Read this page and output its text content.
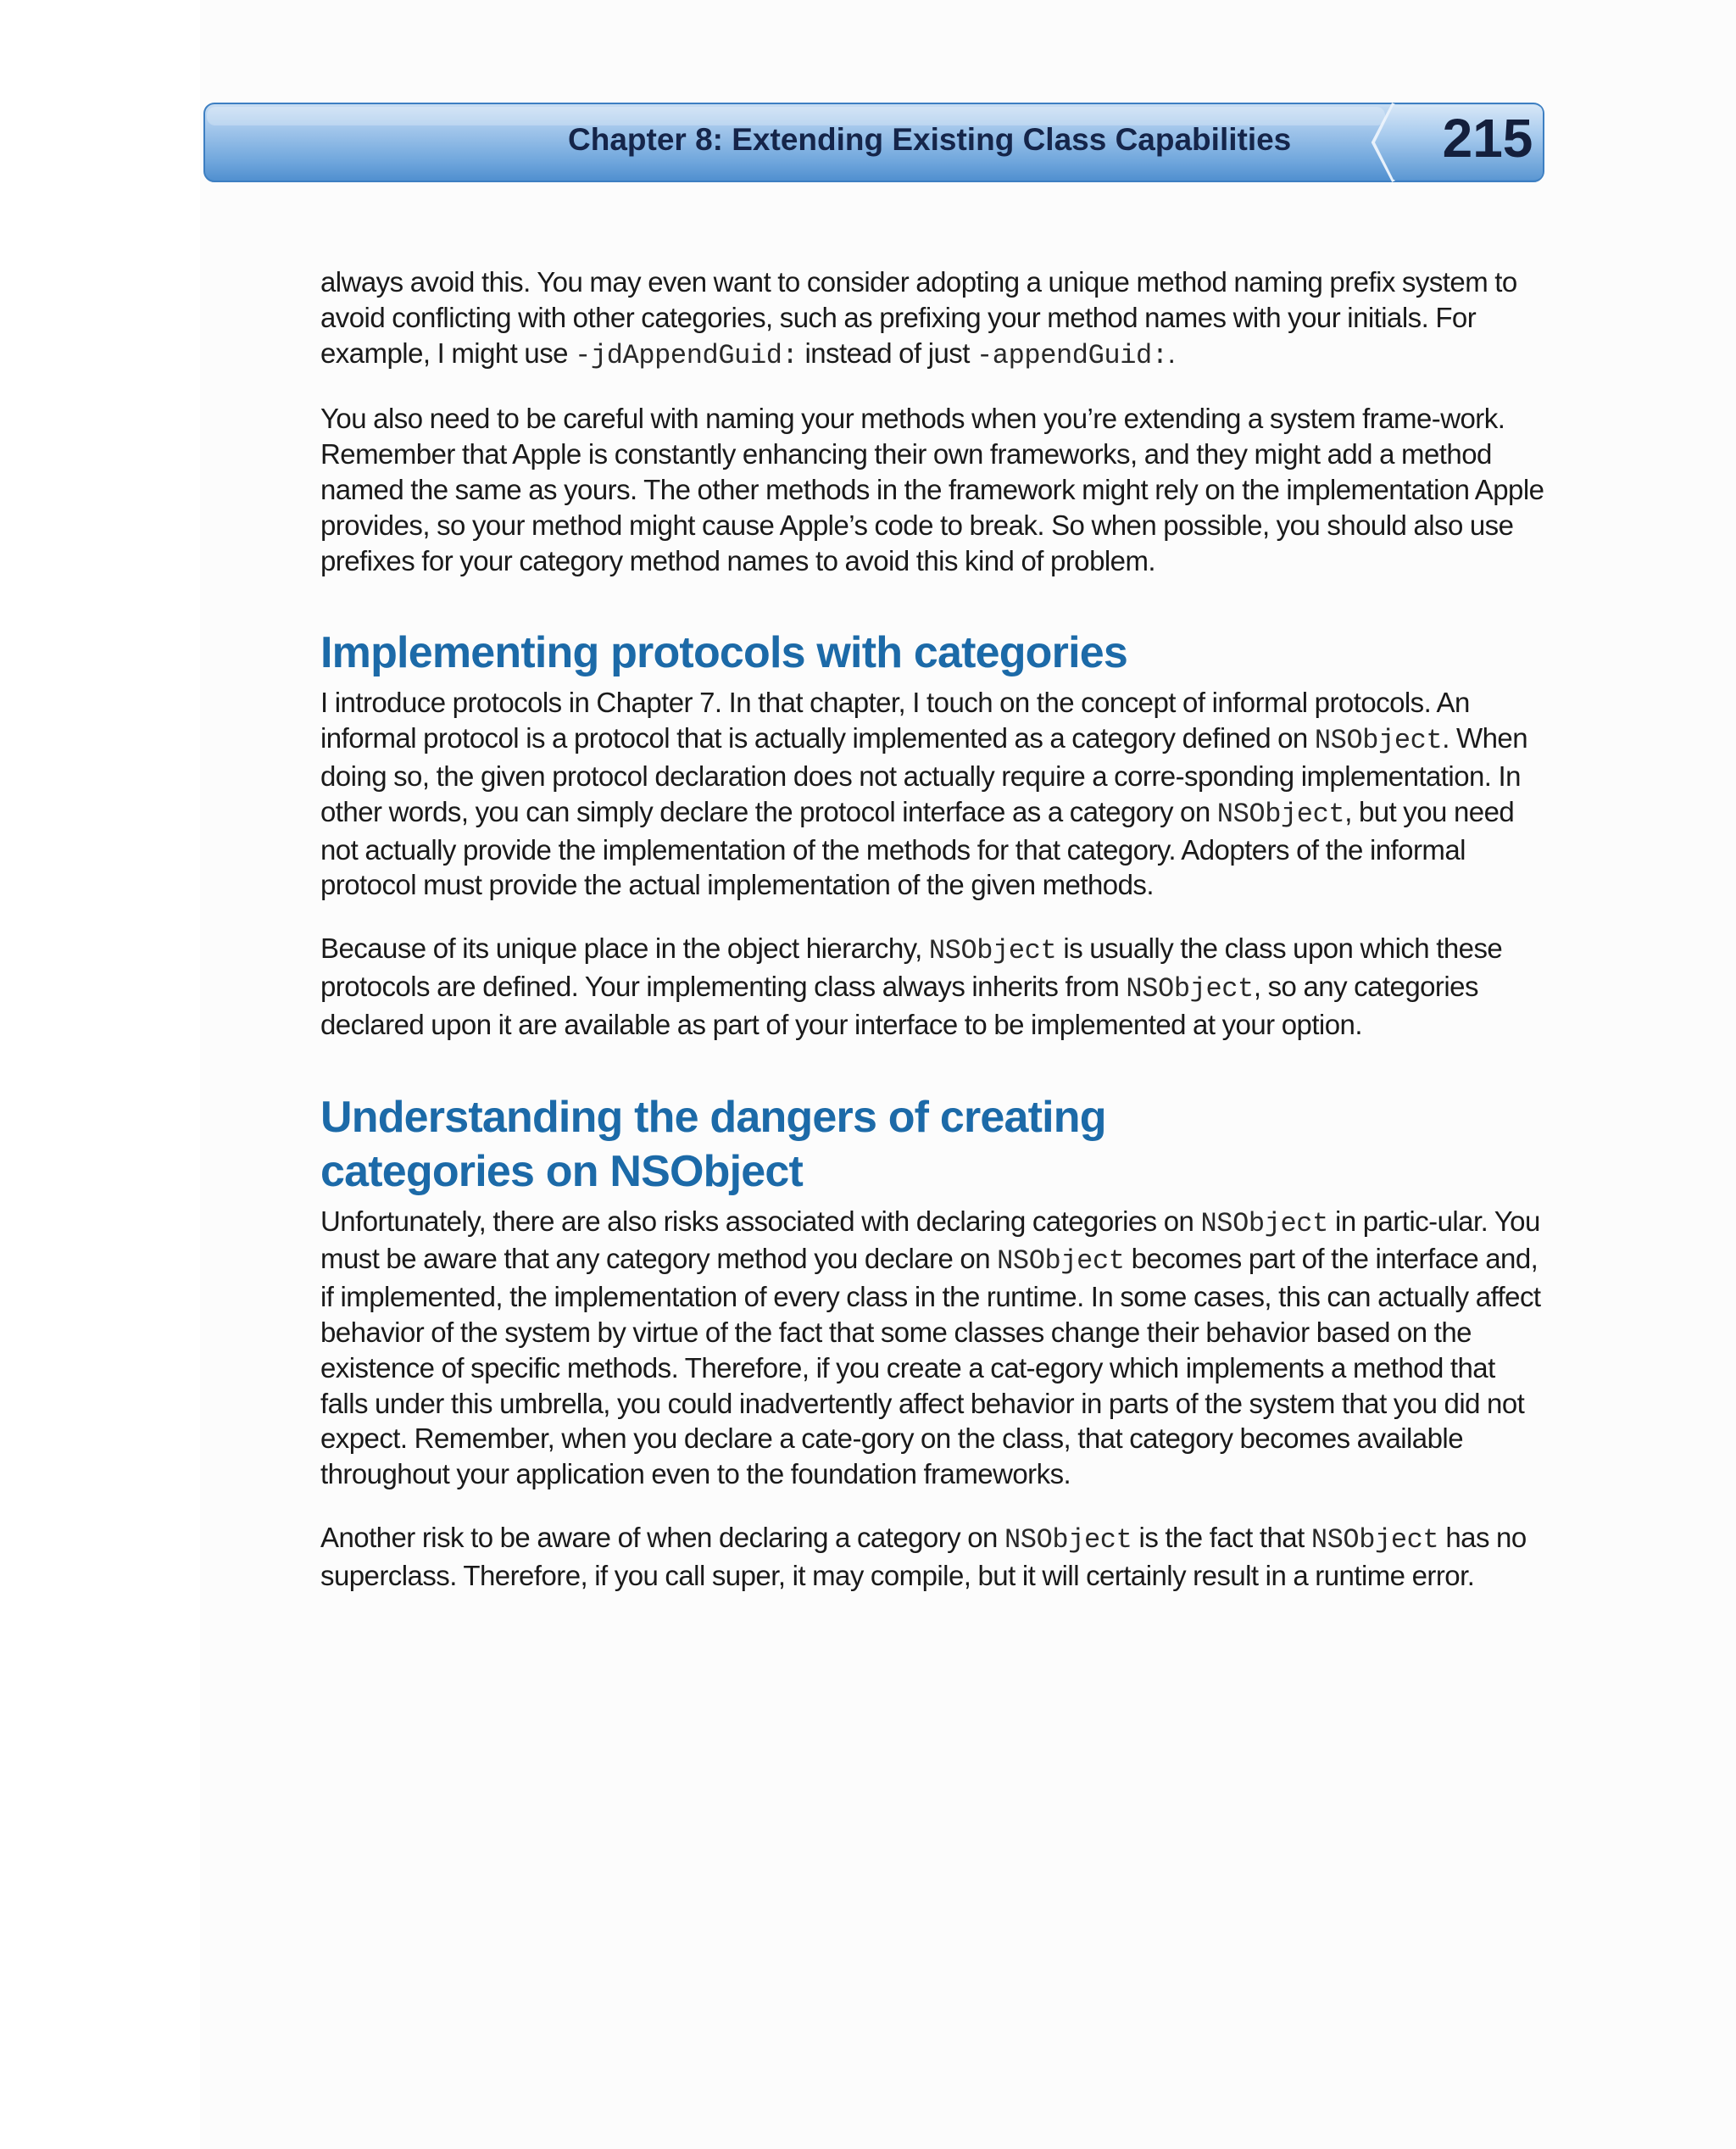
Chapter 8: Extending Existing Class Capabilities	215

always avoid this. You may even want to consider adopting a unique method naming prefix system to avoid conflicting with other categories, such as prefixing your method names with your initials. For example, I might use -jdAppendGuid: instead of just -appendGuid:.

You also need to be careful with naming your methods when you’re extending a system frame-work. Remember that Apple is constantly enhancing their own frameworks, and they might add a method named the same as yours. The other methods in the framework might rely on the implementation Apple provides, so your method might cause Apple’s code to break. So when possible, you should also use prefixes for your category method names to avoid this kind of problem.

Implementing protocols with categories

I introduce protocols in Chapter 7. In that chapter, I touch on the concept of informal protocols. An informal protocol is a protocol that is actually implemented as a category defined on NSObject. When doing so, the given protocol declaration does not actually require a corre-sponding implementation. In other words, you can simply declare the protocol interface as a category on NSObject, but you need not actually provide the implementation of the methods for that category. Adopters of the informal protocol must provide the actual implementation of the given methods.

Because of its unique place in the object hierarchy, NSObject is usually the class upon which these protocols are defined. Your implementing class always inherits from NSObject, so any categories declared upon it are available as part of your interface to be implemented at your option.

Understanding the dangers of creating
categories on NSObject

Unfortunately, there are also risks associated with declaring categories on NSObject in partic-ular. You must be aware that any category method you declare on NSObject becomes part of the interface and, if implemented, the implementation of every class in the runtime. In some cases, this can actually affect behavior of the system by virtue of the fact that some classes change their behavior based on the existence of specific methods. Therefore, if you create a cat-egory which implements a method that falls under this umbrella, you could inadvertently affect behavior in parts of the system that you did not expect. Remember, when you declare a cate-gory on the class, that category becomes available throughout your application even to the foundation frameworks.

Another risk to be aware of when declaring a category on NSObject is the fact that NSObject has no superclass. Therefore, if you call super, it may compile, but it will certainly result in a runtime error.
